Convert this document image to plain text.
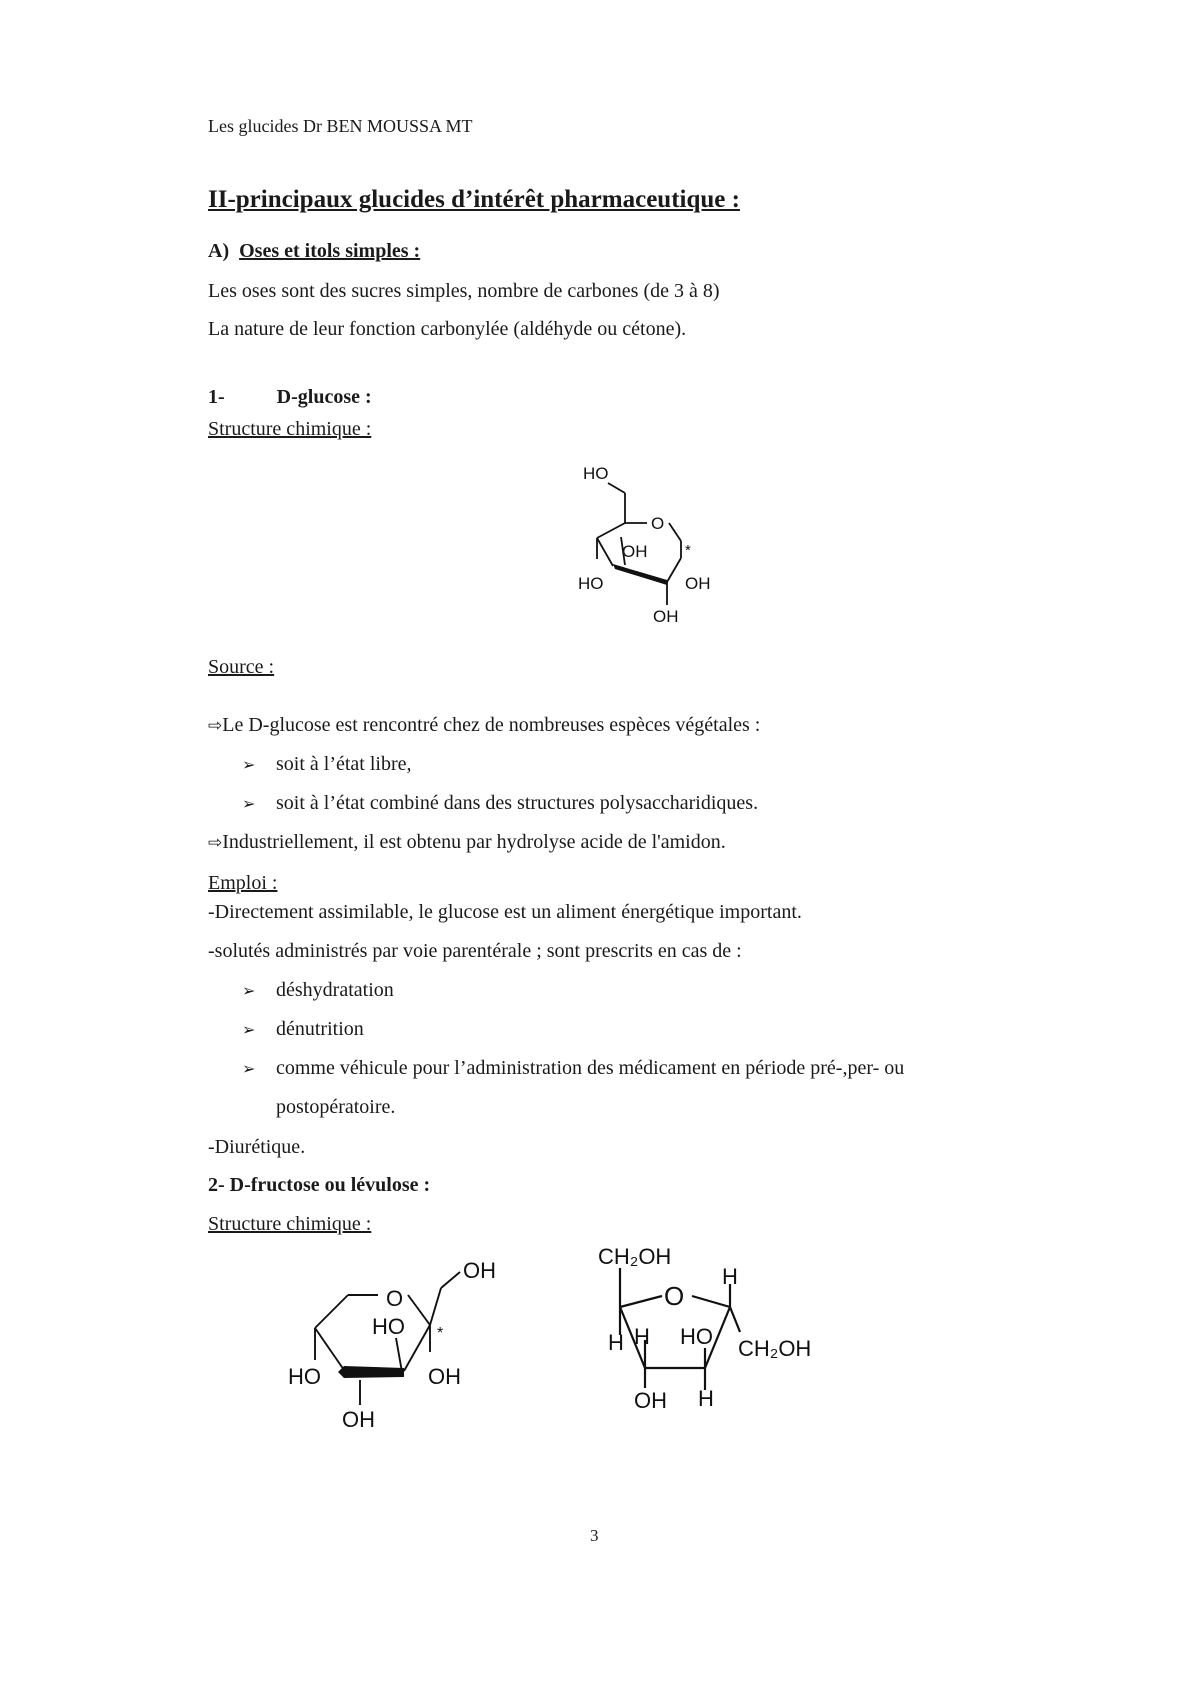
Les glucides Dr BEN MOUSSA MT
II-principaux glucides d’intérêt pharmaceutique :
A) Oses et itols simples :
Les oses sont des sucres simples, nombre de carbones (de 3 à 8)
La nature de leur fonction carbonylée (aldéhyde ou cétone).
1-	D-glucose :
Structure chimique :
HO
O
OH	*
HO	OH
OH
Source :
⇨Le D-glucose est rencontré chez de nombreuses espèces végétales :
➢ soit à l’état libre,
➢ soit à l’état combiné dans des structures polysaccharidiques.
⇨Industriellement, il est obtenu par hydrolyse acide de l'amidon.
Emploi :
-Directement assimilable, le glucose est un aliment énergétique important.
-solutés administrés par voie parentérale ; sont prescrits en cas de :
➢ déshydratation
➢ dénutrition
➢ comme véhicule pour l’administration des médicament en période pré-,per- ou
postopératoire.
-Diurétique.
2- D-fructose ou lévulose :
Structure chimique :
O
OH
HO *
HO	OH
OH
CH₂OH
O
H
H H HO CH₂OH
OH H
3
